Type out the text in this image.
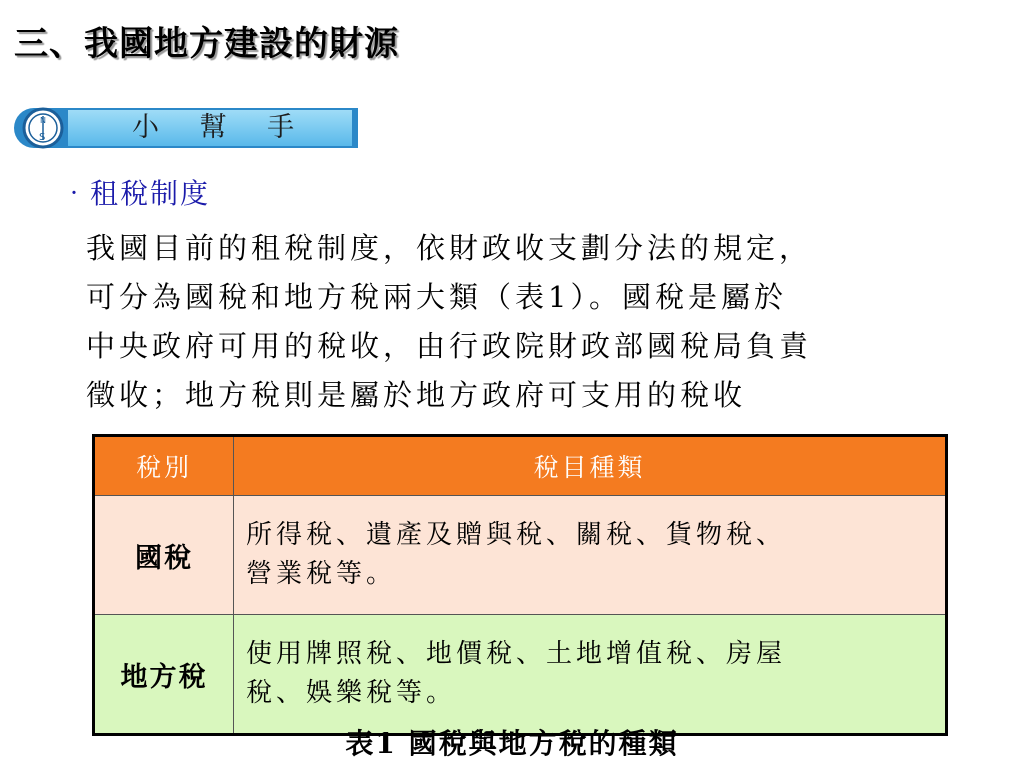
三、我國地方建設的財源
小 幫 手
N
S
‧租稅制度
我國目前的租稅制度，依財政收支劃分法的規定，
可分為國稅和地方稅兩大類（表1）。國稅是屬於
中央政府可用的稅收，由行政院財政部國稅局負責
徵收；地方稅則是屬於地方政府可支用的稅收
稅別	稅目種類
國稅	所得稅、遺產及贈與稅、關稅、貨物稅、
營業稅等。

地方稅	使用牌照稅、地價稅、土地增值稅、房屋
稅、娛樂稅等。
表1 國稅與地方稅的種類
